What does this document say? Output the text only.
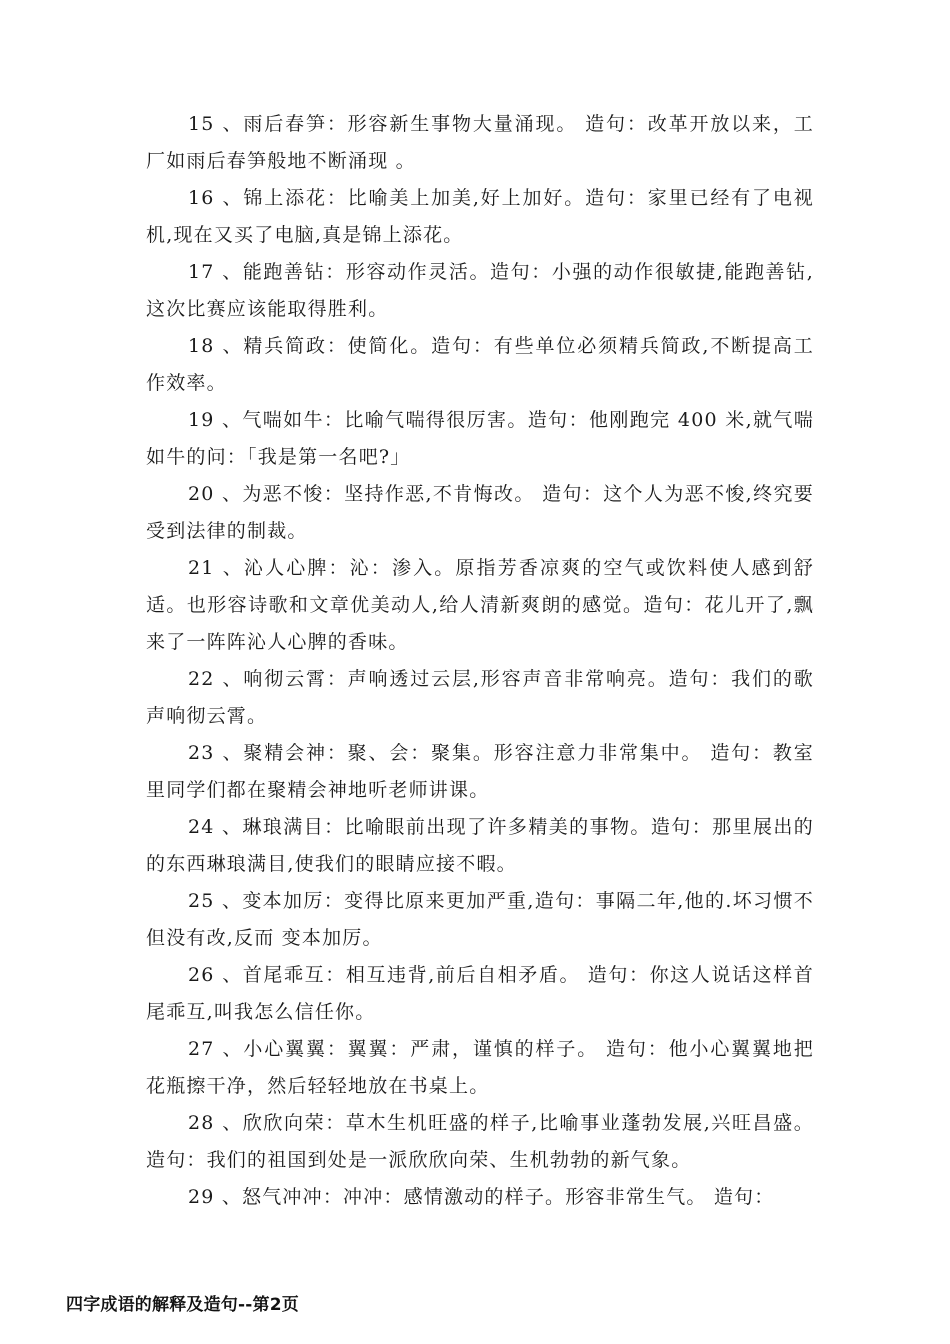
15 、雨后春笋：形容新生事物大量涌现。 造句：改革开放以来，工厂如雨后春笋般地不断涌现 。

16 、锦上添花：比喻美上加美,好上加好。造句：家里已经有了电视机,现在又买了电脑,真是锦上添花。

17 、能跑善钻：形容动作灵活。造句：小强的动作很敏捷,能跑善钻,这次比赛应该能取得胜利。

18 、精兵简政：使简化。造句：有些单位必须精兵简政,不断提高工作效率。

19 、气喘如牛：比喻气喘得很厉害。造句：他刚跑完 400 米,就气喘如牛的问：「我是第一名吧?」

20 、为恶不悛：坚持作恶,不肯悔改。 造句：这个人为恶不悛,终究要受到法律的制裁。

21 、沁人心脾：沁：渗入。原指芳香凉爽的空气或饮料使人感到舒适。也形容诗歌和文章优美动人,给人清新爽朗的感觉。造句：花儿开了,飘来了一阵阵沁人心脾的香味。

22 、响彻云霄：声响透过云层,形容声音非常响亮。造句：我们的歌声响彻云霄。

23 、聚精会神：聚、会：聚集。形容注意力非常集中。 造句：教室里同学们都在聚精会神地听老师讲课。

24 、琳琅满目：比喻眼前出现了许多精美的事物。造句：那里展出的的东西琳琅满目,使我们的眼睛应接不暇。

25 、变本加厉：变得比原来更加严重,造句：事隔二年,他的.坏习惯不但没有改,反而 变本加厉。

26 、首尾乖互：相互违背,前后自相矛盾。 造句：你这人说话这样首尾乖互,叫我怎么信任你。

27 、小心翼翼：翼翼：严肃，谨慎的样子。 造句：他小心翼翼地把花瓶擦干净，然后轻轻地放在书桌上。

28 、欣欣向荣：草木生机旺盛的样子,比喻事业蓬勃发展,兴旺昌盛。造句：我们的祖国到处是一派欣欣向荣、生机勃勃的新气象。

29 、怒气冲冲：冲冲：感情激动的样子。形容非常生气。 造句：

四字成语的解释及造句--第2页
